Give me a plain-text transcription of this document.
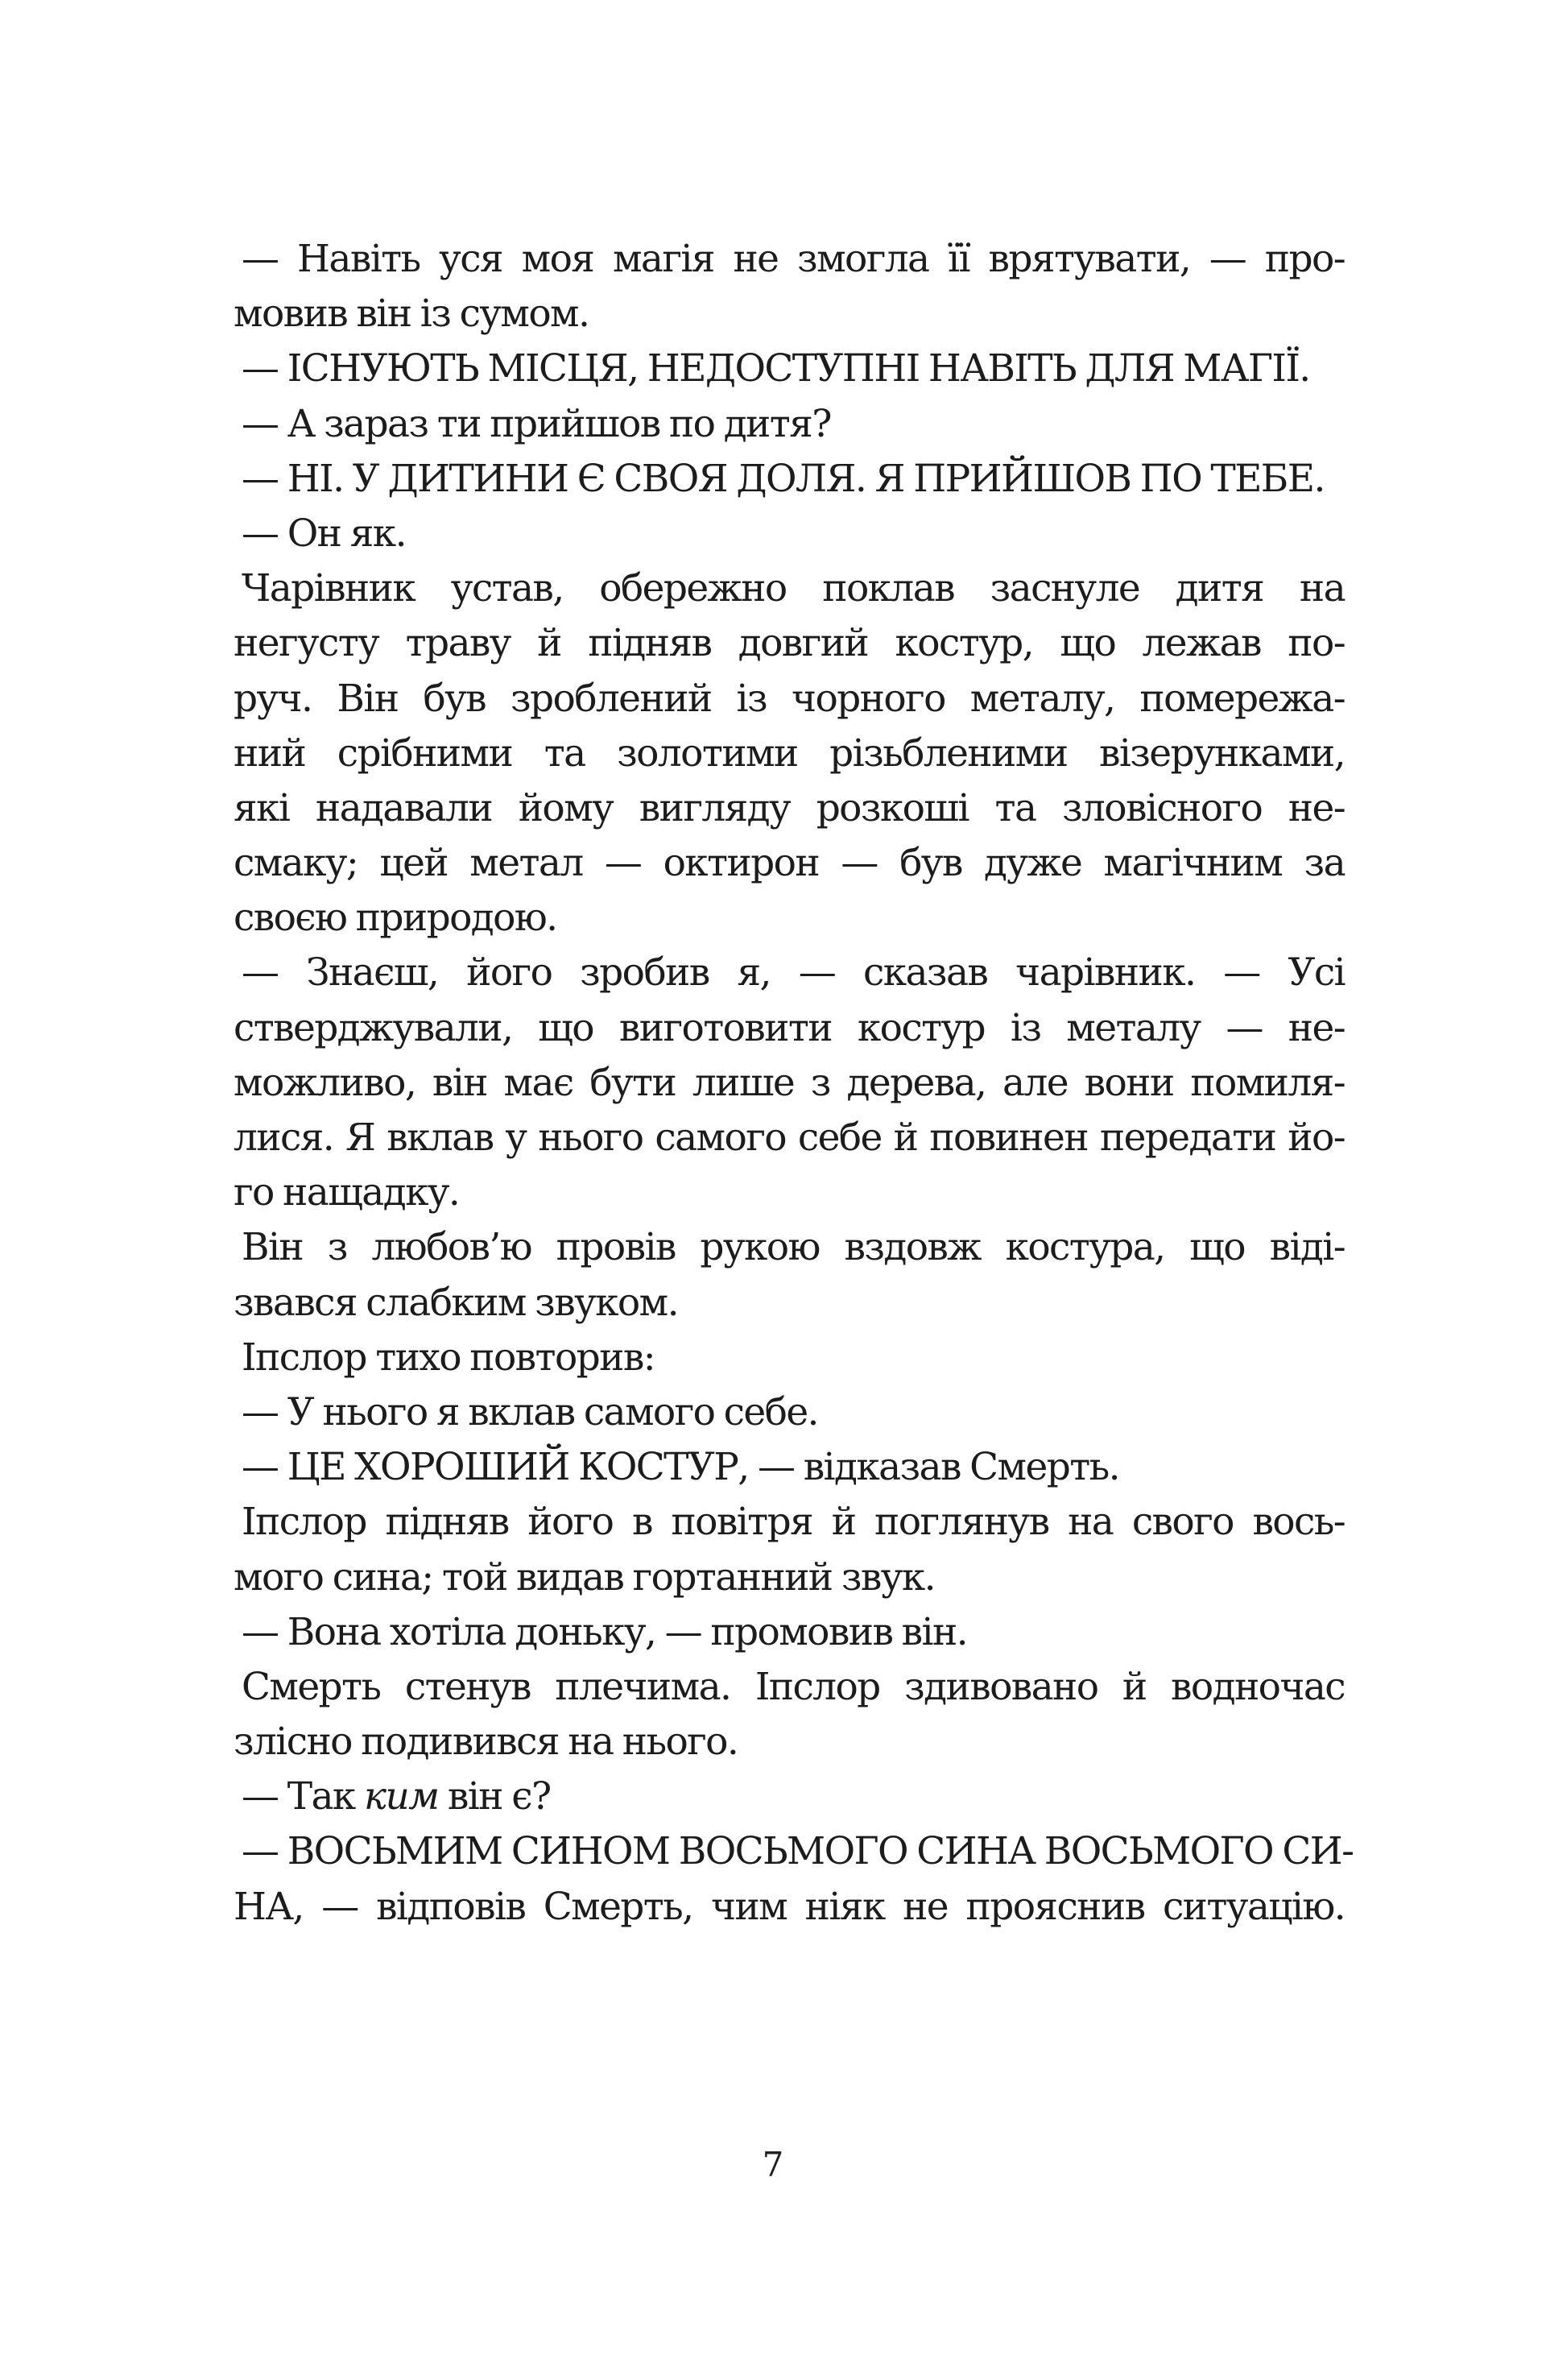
— Навіть уся моя магія не змогла її врятувати, — про-
мовив він із сумом.
— ІСНУЮТЬ МІСЦЯ, НЕДОСТУПНІ НАВІТЬ ДЛЯ МАГІЇ.
— А зараз ти прийшов по дитя?
— НІ. У ДИТИНИ Є СВОЯ ДОЛЯ. Я ПРИЙШОВ ПО ТЕБЕ.
— Он як.
Чарівник устав, обережно поклав заснуле дитя на
негусту траву й підняв довгий костур, що лежав по-
руч. Він був зроблений із чорного металу, помережа-
ний срібними та золотими різьбленими візерунками,
які надавали йому вигляду розкоші та зловісного не-
смаку; цей метал — октирон — був дуже магічним за
своєю природою.
— Знаєш, його зробив я, — сказав чарівник. — Усі
стверджували, що виготовити костур із металу — не-
можливо, він має бути лише з дерева, але вони помиля-
лися. Я вклав у нього самого себе й повинен передати йо-
го нащадку.
Він з любов’ю провів рукою вздовж костура, що віді-
звався слабким звуком.
Іпслор тихо повторив:
— У нього я вклав самого себе.
— ЦЕ ХОРОШИЙ КОСТУР, — відказав Смерть.
Іпслор підняв його в повітря й поглянув на свого вось-
мого сина; той видав гортанний звук.
— Вона хотіла доньку, — промовив він.
Смерть стенув плечима. Іпслор здивовано й водночас
злісно подивився на нього.
— Так ким він є?
— ВОСЬМИМ СИНОМ ВОСЬМОГО СИНА ВОСЬМОГО СИ-
НА, — відповів Смерть, чим ніяк не прояснив ситуацію.
7
